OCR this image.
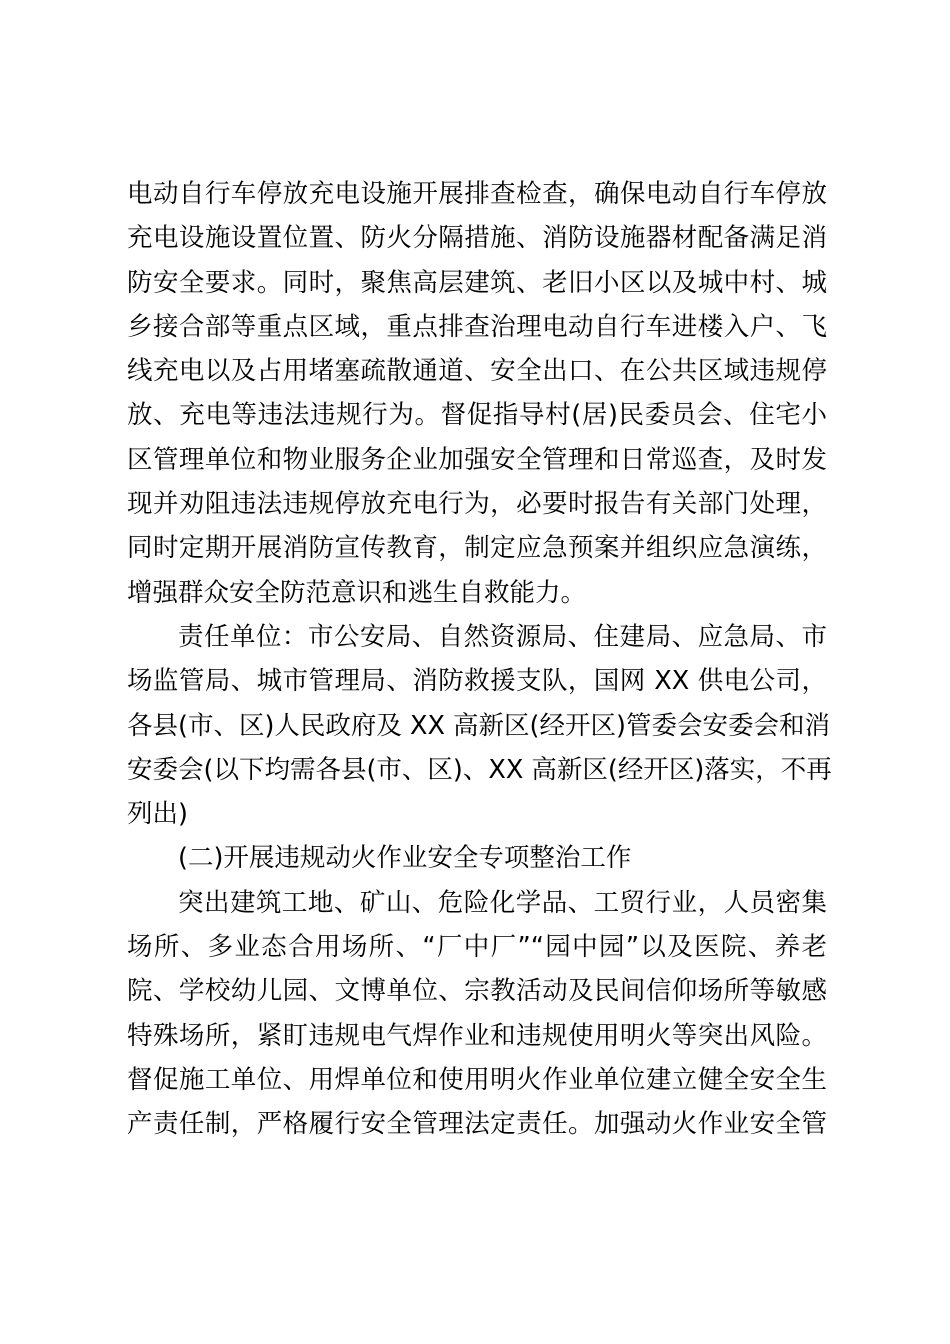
电动自行车停放充电设施开展排查检查，确保电动自行车停放
充电设施设置位置、防火分隔措施、消防设施器材配备满足消
防安全要求。同时，聚焦高层建筑、老旧小区以及城中村、城
乡接合部等重点区域，重点排查治理电动自行车进楼入户、飞
线充电以及占用堵塞疏散通道、安全出口、在公共区域违规停
放、充电等违法违规行为。督促指导村(居)民委员会、住宅小
区管理单位和物业服务企业加强安全管理和日常巡查，及时发
现并劝阻违法违规停放充电行为，必要时报告有关部门处理，
同时定期开展消防宣传教育，制定应急预案并组织应急演练，
增强群众安全防范意识和逃生自救能力。
责任单位：市公安局、自然资源局、住建局、应急局、市
场监管局、城市管理局、消防救援支队，国网 XX 供电公司，
各县(市、区)人民政府及 XX 高新区(经开区)管委会安委会和消
安委会(以下均需各县(市、区)、XX 高新区(经开区)落实，不再
列出)
(二)开展违规动火作业安全专项整治工作
突出建筑工地、矿山、危险化学品、工贸行业，人员密集
场所、多业态合用场所、“厂中厂”“园中园”以及医院、养老
院、学校幼儿园、文博单位、宗教活动及民间信仰场所等敏感
特殊场所，紧盯违规电气焊作业和违规使用明火等突出风险。
督促施工单位、用焊单位和使用明火作业单位建立健全安全生
产责任制，严格履行安全管理法定责任。加强动火作业安全管
